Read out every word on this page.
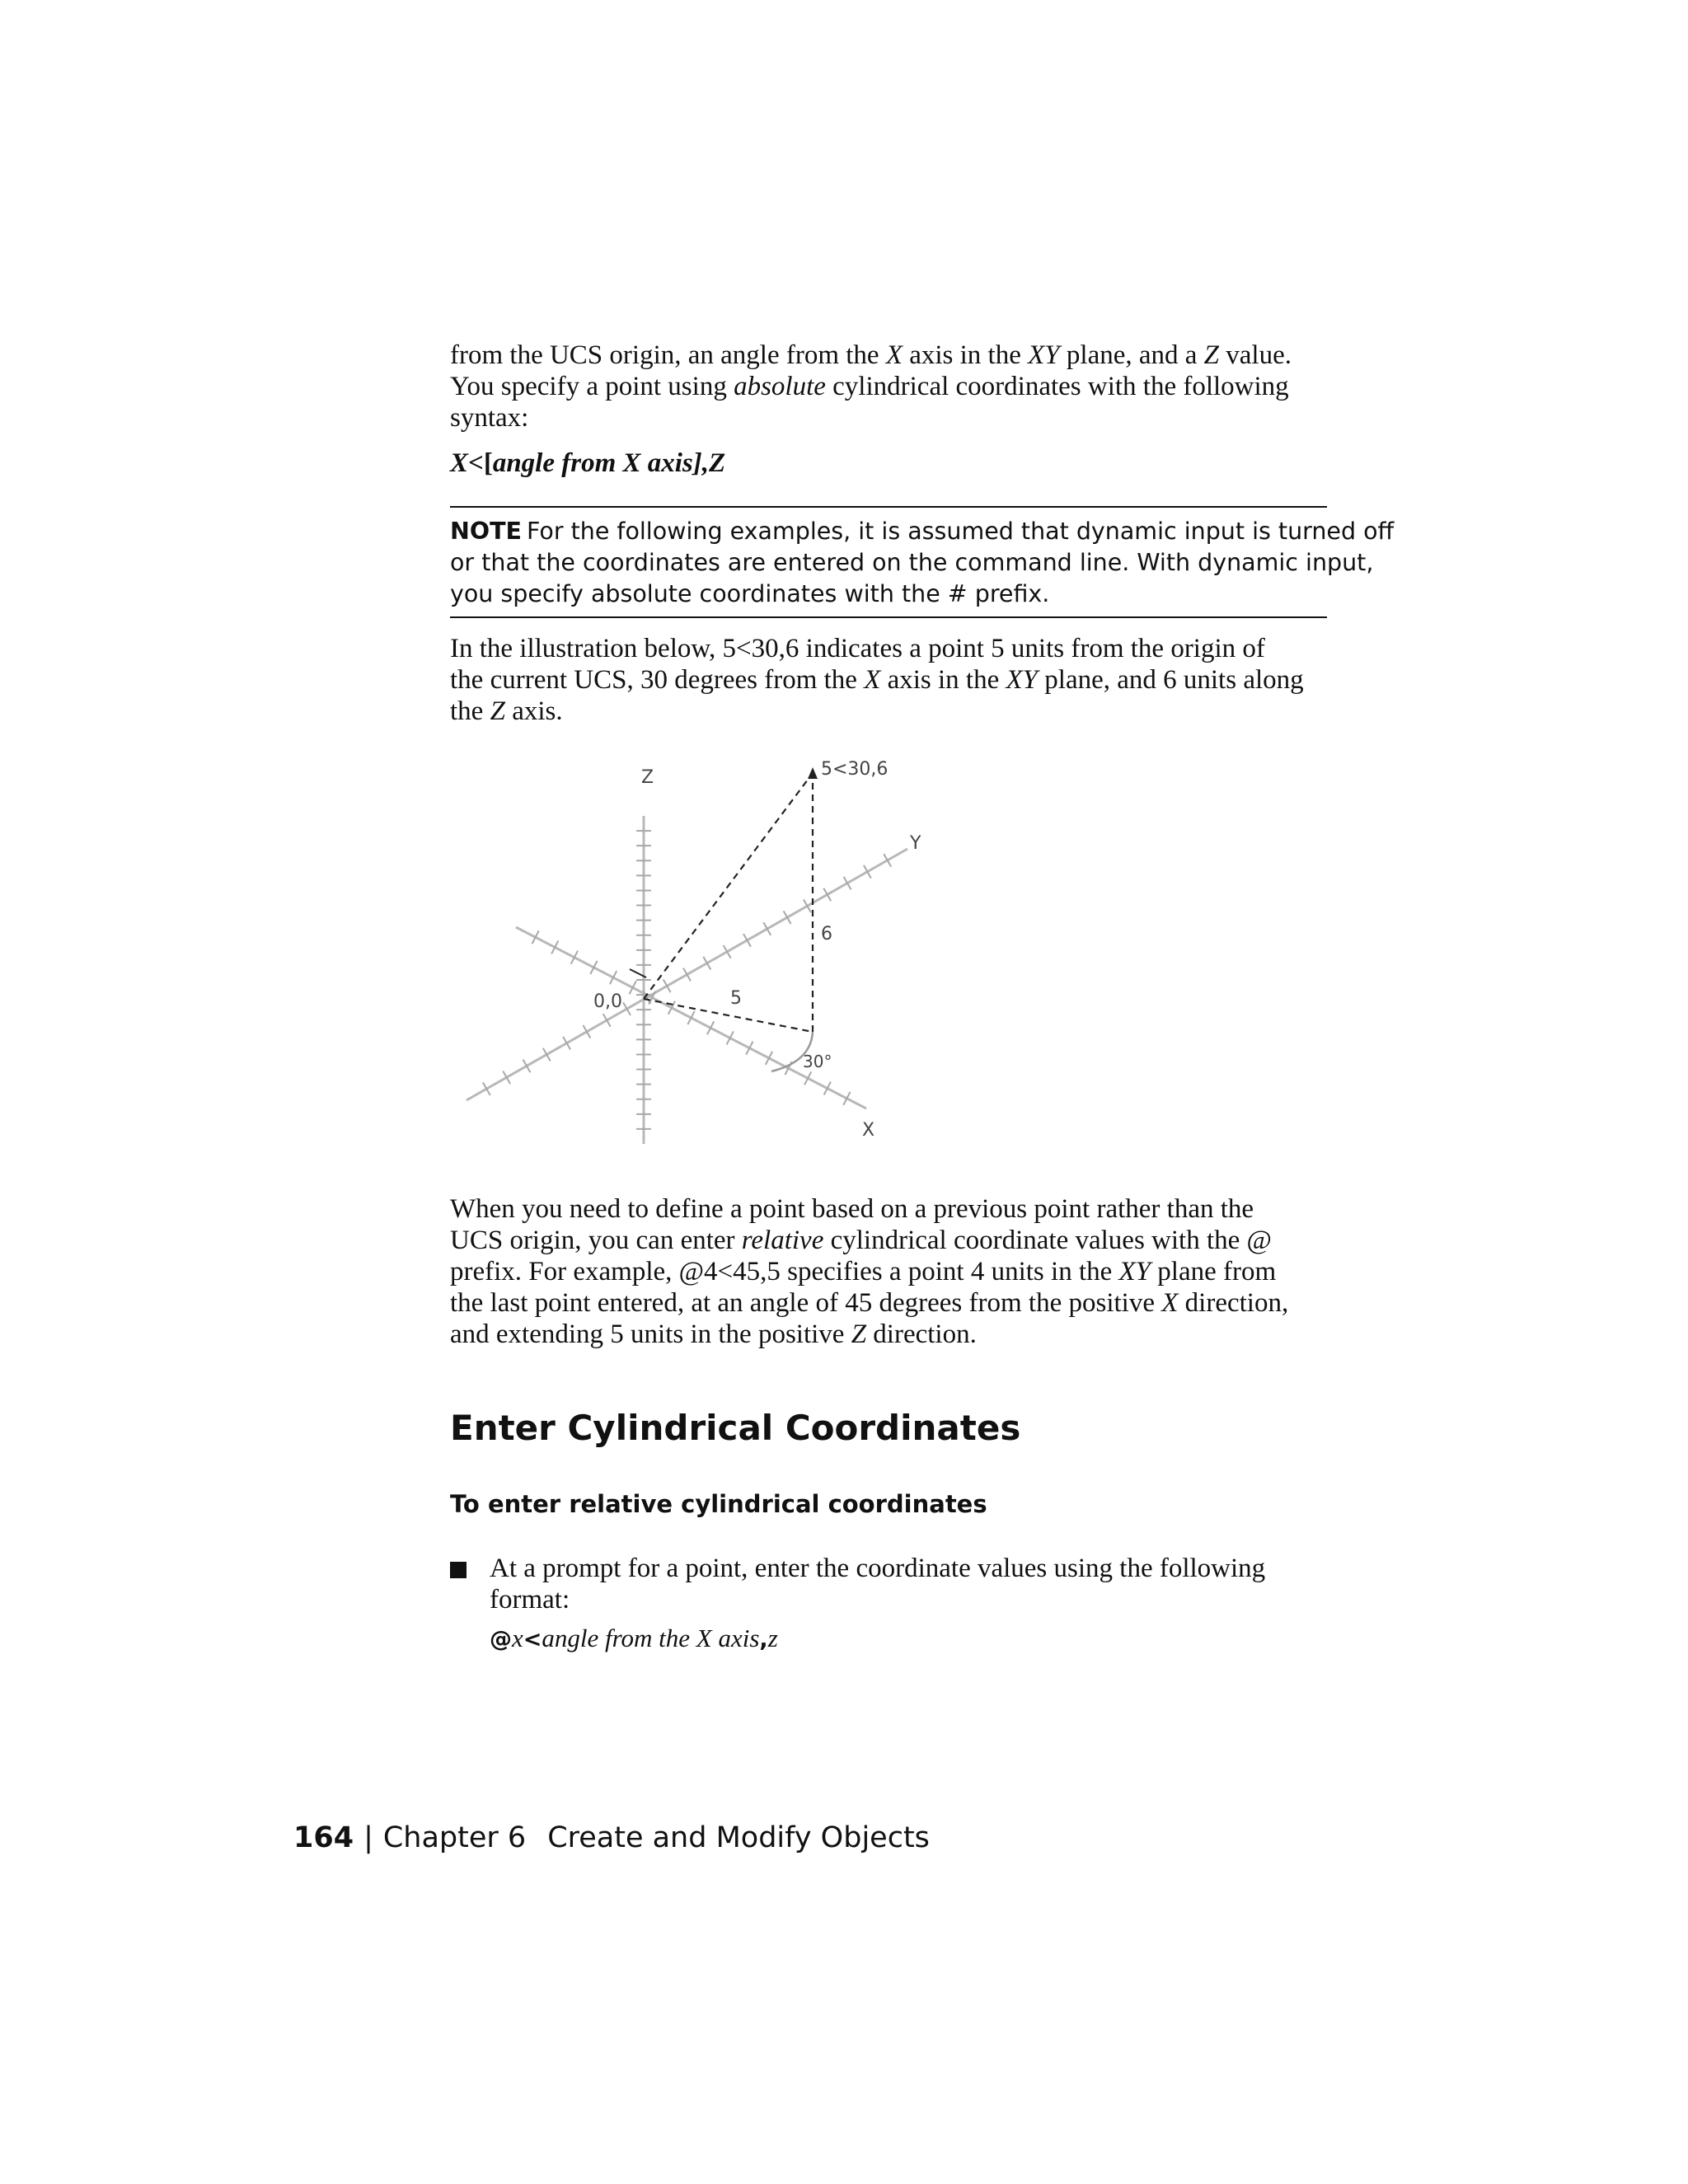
from the UCS origin, an angle from the X axis in the XY plane, and a Z value.
You specify a point using absolute cylindrical coordinates with the following
syntax:
X<[angle from X axis],Z
NOTE For the following examples, it is assumed that dynamic input is turned off
or that the coordinates are entered on the command line. With dynamic input,
you specify absolute coordinates with the # prefix.
In the illustration below, 5<30,6 indicates a point 5 units from the origin of
the current UCS, 30 degrees from the X axis in the XY plane, and 6 units along
the Z axis.
Z
Y
X
0,0
5<30,6
5
6
30°
When you need to define a point based on a previous point rather than the
UCS origin, you can enter relative cylindrical coordinate values with the @
prefix. For example, @4<45,5 specifies a point 4 units in the XY plane from
the last point entered, at an angle of 45 degrees from the positive X direction,
and extending 5 units in the positive Z direction.
Enter Cylindrical Coordinates
To enter relative cylindrical coordinates
At a prompt for a point, enter the coordinate values using the following
format:
@x<angle from the X axis,z
164 | Chapter 6 Create and Modify Objects
